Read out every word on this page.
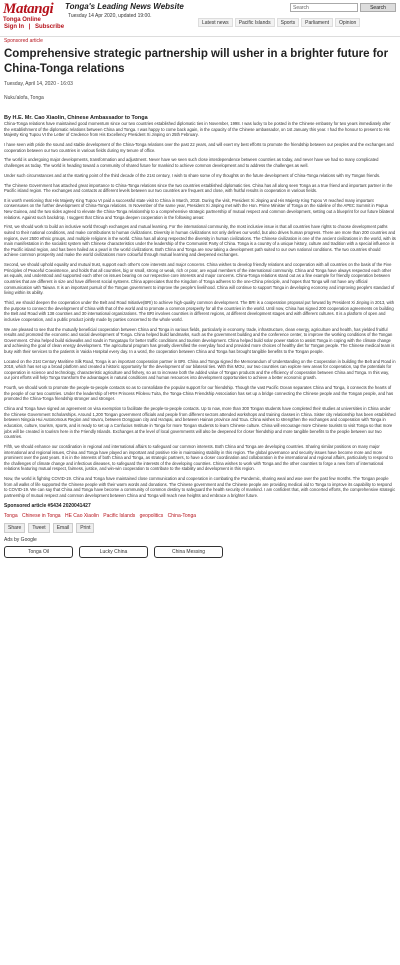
Matangi
Tonga Online
Tonga's Leading News Website
Tuesday 14 Apr 2020, updated 19:00.
Search	Search
Sign In | Subscribe
Latest news	Pacific Islands	Sports	Parliament	Opinion
Sponsored article
Comprehensive strategic partnership will usher in a brighter future for China-Tonga relations
Tuesday, April 14, 2020 - 16:03
Nuku'alofa, Tonga
By H.E. Mr. Cao Xiaolin, Chinese Ambassador to Tonga

China-Tonga relations have maintained good momentum since our two countries established diplomatic ties in November, 1998. I was lucky to be posted in the Chinese embassy for two years immediately after the establishment of the diplomatic relations between China and Tonga. I was happy to come back again, in the capacity of the Chinese ambassador, on 1st January this year. I had the honour to present to His Majesty King Tupou VI the Letter of Credence from His Excellency President Xi Jinping on 25th February.

I have seen with pride the sound and stable development of the China-Tonga relations over the past 22 years, and will exert my best efforts to promote the friendship between our peoples and the exchanges and cooperation between our two countries in various fields during my tenure of office.

The world is undergoing major developments, transformation and adjustment. Never have we seen such close interdependence between countries as today, and never have we had so many complicated challenges as today. The world is heading toward a community of shared future for mankind to achieve common development and to address the challenges as well.

Under such circumstances and at the starting point of the third decade of the 21st century, I wish to share some of my thoughts on the future development of China-Tonga relations with my Tongan friends.

The Chinese Government has attached great importance to China-Tonga relations since the two countries established diplomatic ties. China has all along seen Tonga as a true friend and important partner in the Pacific island region. The exchanges and contacts at different levels between our two countries are frequent and close, with fruitful results in cooperation in various fields.

It is worth mentioning that His Majesty King Tupou VI paid a successful state visit to China in March, 2018. During the visit, President Xi Jinping and His Majesty King Tupou VI reached many important consensuses on the further development of China-Tonga relations. In November of the same year, President Xi Jinping met with the Hon. Prime Minister of Tonga on the sideline of the APEC Summit in Papua New Guinea, and the two sides agreed to elevate the China-Tonga relationship to a comprehensive strategic partnership of mutual respect and common development, setting out a blueprint for our future bilateral relations. Against such backdrop, I suggest that China and Tonga deepen cooperation in the following areas:

First, we should work to build an inclusive world through exchanges and mutual learning. For the international community, the most inclusive issue is that all countries have rights to choose development paths suited to their national conditions, and make contributions to human civilizations. Diversity in human civilizations not only defines our world, but also drives human progress. There are more than 200 countries and regions, over 2500 ethnic groups, and multiple religions in the world. China has all along respected the diversity in human civilizations. The Chinese civilization is one of the ancient civilizations in the world, with its main manifestation in the socialist system with Chinese characteristics under the leadership of the Communist Party of China. Tonga is a country of a unique history, culture and tradition with a special influence in the Pacific island region, and has been hailed as a pearl in the world civilizations. Both China and Tonga are now taking a development path suited to our own national conditions. The two countries should achieve common prosperity and make the world civilizations more colourful through mutual learning and deepened exchanges.

Second, we should uphold equality and mutual trust, support each other's core interests and major concerns. China wishes to develop friendly relations and cooperation with all countries on the basis of the Five Principles of Peaceful Coexistence, and holds that all countries, big or small, strong or weak, rich or poor, are equal members of the international community. China and Tonga have always respected each other as equals, and understood and supported each other on issues bearing on our respective core interests and major concerns. China-Tonga relations stand out as a fine example for friendly cooperation between countries that are different in size and have different social systems. China appreciates that the Kingdom of Tonga adheres to the one-China principle, and hopes that Tonga will not have any official communication with Taiwan. It is an important pursuit of the Tongan government to improve the people's livelihood. China will continue to support Tonga in developing economy and improving people's standard of living within its ability.

Third, we should deepen the cooperation under the Belt and Road Initiative(BRI) to achieve high-quality common development. The BRI is a cooperation proposal put forward by President Xi Jinping in 2013, with the purpose to connect the development of China with that of the world and to promote a common prosperity for all the countries in the world. Until now, China has signed 200 cooperation agreements on building the Belt and Road with 138 countries and 30 international organizations. The BRI involves countries in different regions, at different development stages and with different cultures. It is a platform of open and inclusive cooperation, and a public product jointly made by parties concerned to the whole world.

We are pleased to see that the mutually beneficial cooperation between China and Tonga in various fields, particularly in economy, trade, infrastructure, clean energy, agriculture and health, has yielded fruitful results and promoted the economic and social development of Tonga. China helped build landmarks, such as the government building and the conference center, to improve the working conditions of the Tongan Government. China helped build sidewalks and roads in Tongatapu for better traffic conditions and tourism development. China helped build solar power station to assist Tonga in coping with the climate change and achieving the goal of clean energy development. The agricultural program has greatly diversified the everyday food and provided more choices of healthy diet for Tongan people. The Chinese medical team is busy with their services to the patients in Vaiola Hospital every day. In a word, the cooperation between China and Tonga has brought tangible benefits to the Tongan people.

Located on the 21st Century Maritime Silk Road, Tonga is an important cooperation partner in BRI. China and Tonga signed the Memorandum of Understanding on the Cooperation in building the Belt and Road in 2018, which has set up a broad platform and created a historic opportunity for the development of our bilateral ties. With this MOU, our two countries can explore new areas for cooperation, tap the potentials for cooperation in science and technology, characteristic agriculture and fishery, so as to increase both the added value of Tongan products and the efficiency of cooperation between China and Tonga. In this way, our joint efforts will help Tonga transform the advantages in natural conditions and human resources into development opportunities to achieve a better economic growth.

Fourth, we should work to promote the people-to-people contacts so as to consolidate the popular support for our friendship. Though the vast Pacific Ocean separates China and Tonga, it connects the hearts of the people of our two countries. Under the leadership of HRH Princess Pilolevu Tuita, the Tonga-China Friendship Association has set up a bridge connecting the Chinese people and the Tongan people, and has promoted the China-Tonga friendship stronger and stronger.

China and Tonga have signed an agreement on visa exemption to facilitate the people-to-people contacts. Up to now, more than 300 Tongan students have completed their studies at universities in China under the Chinese Government Scholarships. Around 1,200 Tongan government officials and people from different sectors attended workshops and training classes in China. Sister city relationship has been established between Ningxia Hui Autonomous Region and Vava'u, between Dongguan city and Ha'apai, and between Hainan province and 'Eua. China wishes to strengthen the exchanges and cooperation with Tonga in education, culture, tourism, sports, and is ready to set up a Confucius Institute in Tonga for more Tongan students to learn Chinese culture. China will encourage more Chinese tourists to visit Tonga so that more jobs will be created in tourism here in the Friendly Islands. Exchanges at the level of local governments will also be deepened for closer friendship and more tangible benefits to the people between our two countries.

Fifth, we should enhance our coordination in regional and international affairs to safeguard our common interests. Both China and Tonga are developing countries. Sharing similar positions on many major international and regional issues, China and Tonga have played an important and positive role in maintaining stability in this region. The global governance and security issues have become more and more prominent over the past years. It is in the interests of both China and Tonga, as strategic partners, to have a closer coordination and collaboration in the international and regional affairs, particularly to respond to the challenges of climate change and infectious diseases, to safeguard the interests of the developing countries. China wishes to work with Tonga and the other countries to forge a new form of international relations featuring mutual respect, fairness, justice, and win-win cooperation to contribute to the stability and development in this region.

Now, the world is fighting COVID-19. China and Tonga have maintained close communication and cooperation in combating the Pandemic, sharing weal and woe over the past few months. The Tongan people from all walks of life supported the Chinese people with their warm words and donations. The Chinese government and the Chinese people are providing medical aid to Tonga to improve its capability to respond to COVID-19. We can say that China and Tonga have become a community of common destiny to safeguard the health security of mankind. I am confident that, with concerted efforts, the comprehensive strategic partnership of mutual respect and common development between China and Tonga will reach new heights and embrace a brighter future.

Sponsored article #5434 2020041427
Tonga Chinese in Tonga HE Cao Xiaolin Pacific Islands geopolitics China-Tonga
Share	Tweet	Email	Print
Ads by Google
Tonga Oil	Lucky China	China Messing
